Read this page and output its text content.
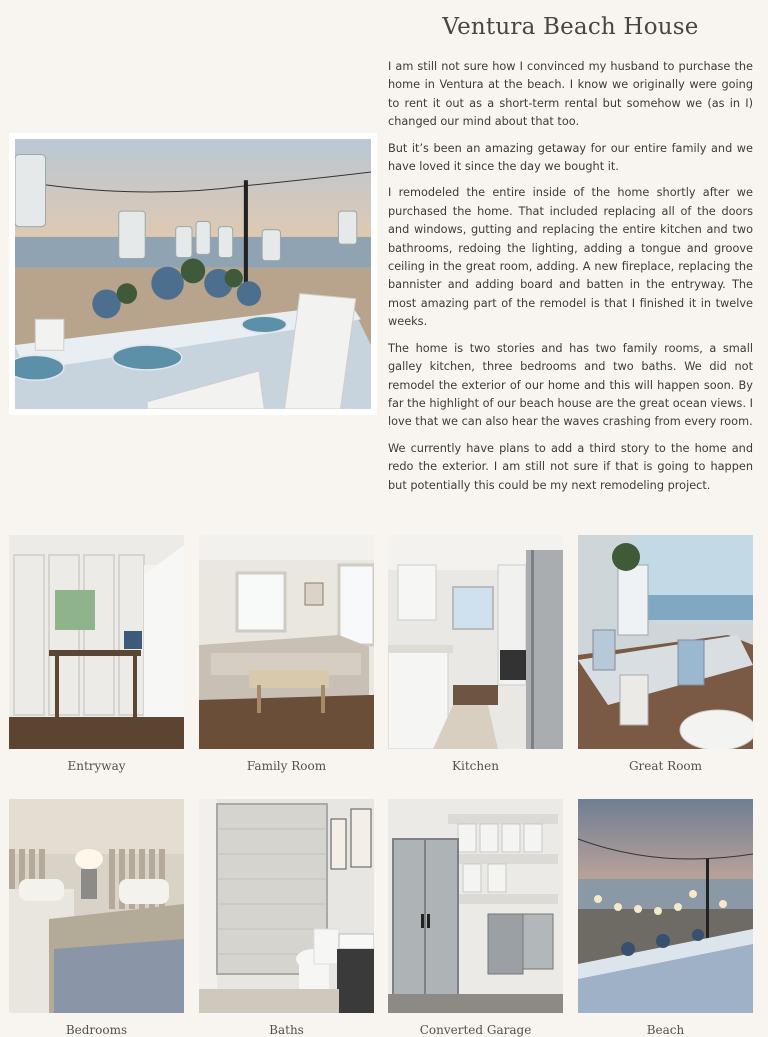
Ventura Beach House

I am still not sure how I convinced my husband to purchase the home in Ventura at the beach. I know we originally were going to rent it out as a short-term rental but somehow we (as in I) changed our mind about that too.

But it’s been an amazing getaway for our entire family and we have loved it since the day we bought it.

I remodeled the entire inside of the home shortly after we purchased the home. That included replacing all of the doors and windows, gutting and replacing the entire kitchen and two bathrooms, redoing the lighting, adding a tongue and groove ceiling in the great room, adding. A new fireplace, replacing the bannister and adding board and batten in the entryway. The most amazing part of the remodel is that I finished it in twelve weeks.

The home is two stories and has two family rooms, a small galley kitchen, three bedrooms and two baths. We did not remodel the exterior of our home and this will happen soon. By far the highlight of our beach house are the great ocean views. I love that we can also hear the waves crashing from every room.

We currently have plans to add a third story to the home and redo the exterior. I am still not sure if that is going to happen but potentially this could be my next remodeling project.

Entryway	Family Room	Kitchen	Great Room
Bedrooms	Baths	Converted Garage	Beach
